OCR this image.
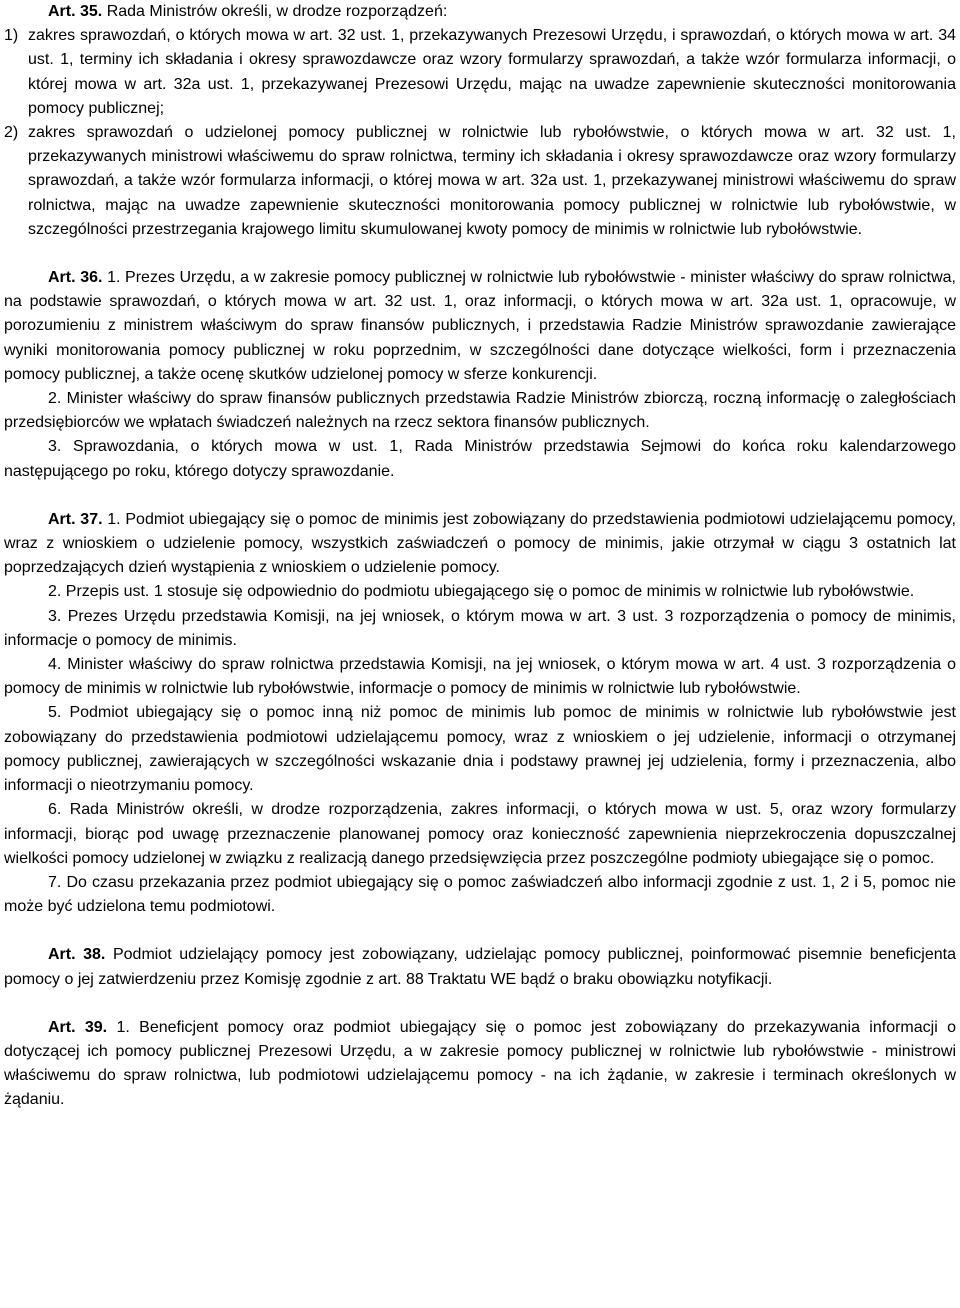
Art. 35. Rada Ministrów określi, w drodze rozporządzeń:

1) zakres sprawozdań, o których mowa w art. 32 ust. 1, przekazywanych Prezesowi Urzędu, i sprawozdań, o których mowa w art. 34 ust. 1, terminy ich składania i okresy sprawozdawcze oraz wzory formularzy sprawozdań, a także wzór formularza informacji, o której mowa w art. 32a ust. 1, przekazywanej Prezesowi Urzędu, mając na uwadze zapewnienie skuteczności monitorowania pomocy publicznej;
2) zakres sprawozdań o udzielonej pomocy publicznej w rolnictwie lub rybołówstwie, o których mowa w art. 32 ust. 1, przekazywanych ministrowi właściwemu do spraw rolnictwa, terminy ich składania i okresy sprawozdawcze oraz wzory formularzy sprawozdań, a także wzór formularza informacji, o której mowa w art. 32a ust. 1, przekazywanej ministrowi właściwemu do spraw rolnictwa, mając na uwadze zapewnienie skuteczności monitorowania pomocy publicznej w rolnictwie lub rybołówstwie, w szczególności przestrzegania krajowego limitu skumulowanej kwoty pomocy de minimis w rolnictwie lub rybołówstwie.

Art. 36. 1. Prezes Urzędu, a w zakresie pomocy publicznej w rolnictwie lub rybołówstwie - minister właściwy do spraw rolnictwa, na podstawie sprawozdań, o których mowa w art. 32 ust. 1, oraz informacji, o których mowa w art. 32a ust. 1, opracowuje, w porozumieniu z ministrem właściwym do spraw finansów publicznych, i przedstawia Radzie Ministrów sprawozdanie zawierające wyniki monitorowania pomocy publicznej w roku poprzednim, w szczególności dane dotyczące wielkości, form i przeznaczenia pomocy publicznej, a także ocenę skutków udzielonej pomocy w sferze konkurencji.

2. Minister właściwy do spraw finansów publicznych przedstawia Radzie Ministrów zbiorczą, roczną informację o zaległościach przedsiębiorców we wpłatach świadczeń należnych na rzecz sektora finansów publicznych.

3. Sprawozdania, o których mowa w ust. 1, Rada Ministrów przedstawia Sejmowi do końca roku kalendarzowego następującego po roku, którego dotyczy sprawozdanie.

Art. 37. 1. Podmiot ubiegający się o pomoc de minimis jest zobowiązany do przedstawienia podmiotowi udzielającemu pomocy, wraz z wnioskiem o udzielenie pomocy, wszystkich zaświadczeń o pomocy de minimis, jakie otrzymał w ciągu 3 ostatnich lat poprzedzających dzień wystąpienia z wnioskiem o udzielenie pomocy.

2. Przepis ust. 1 stosuje się odpowiednio do podmiotu ubiegającego się o pomoc de minimis w rolnictwie lub rybołówstwie.

3. Prezes Urzędu przedstawia Komisji, na jej wniosek, o którym mowa w art. 3 ust. 3 rozporządzenia o pomocy de minimis, informacje o pomocy de minimis.

4. Minister właściwy do spraw rolnictwa przedstawia Komisji, na jej wniosek, o którym mowa w art. 4 ust. 3 rozporządzenia o pomocy de minimis w rolnictwie lub rybołówstwie, informacje o pomocy de minimis w rolnictwie lub rybołówstwie.

5. Podmiot ubiegający się o pomoc inną niż pomoc de minimis lub pomoc de minimis w rolnictwie lub rybołówstwie jest zobowiązany do przedstawienia podmiotowi udzielającemu pomocy, wraz z wnioskiem o jej udzielenie, informacji o otrzymanej pomocy publicznej, zawierających w szczególności wskazanie dnia i podstawy prawnej jej udzielenia, formy i przeznaczenia, albo informacji o nieotrzymaniu pomocy.

6. Rada Ministrów określi, w drodze rozporządzenia, zakres informacji, o których mowa w ust. 5, oraz wzory formularzy informacji, biorąc pod uwagę przeznaczenie planowanej pomocy oraz konieczność zapewnienia nieprzekroczenia dopuszczalnej wielkości pomocy udzielonej w związku z realizacją danego przedsięwzięcia przez poszczególne podmioty ubiegające się o pomoc.

7. Do czasu przekazania przez podmiot ubiegający się o pomoc zaświadczeń albo informacji zgodnie z ust. 1, 2 i 5, pomoc nie może być udzielona temu podmiotowi.

Art. 38. Podmiot udzielający pomocy jest zobowiązany, udzielając pomocy publicznej, poinformować pisemnie beneficjenta pomocy o jej zatwierdzeniu przez Komisję zgodnie z art. 88 Traktatu WE bądź o braku obowiązku notyfikacji.

Art. 39. 1. Beneficjent pomocy oraz podmiot ubiegający się o pomoc jest zobowiązany do przekazywania informacji o dotyczącej ich pomocy publicznej Prezesowi Urzędu, a w zakresie pomocy publicznej w rolnictwie lub rybołówstwie - ministrowi właściwemu do spraw rolnictwa, lub podmiotowi udzielającemu pomocy - na ich żądanie, w zakresie i terminach określonych w żądaniu.
